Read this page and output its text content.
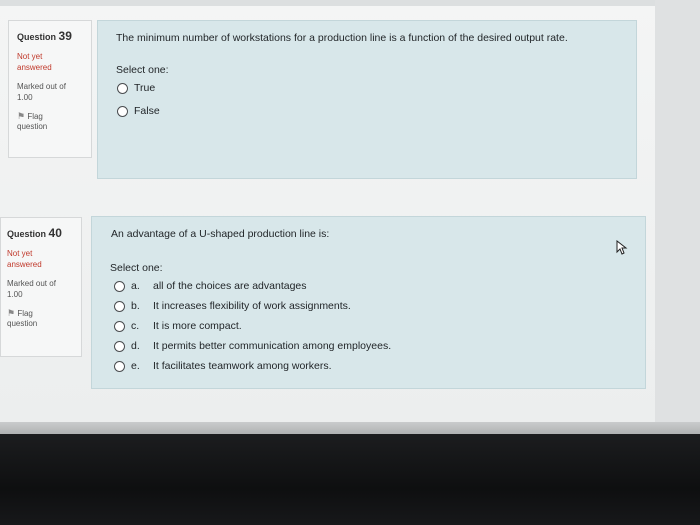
Question 39
Not yet answered
Marked out of
1.00
⚑ Flag
question
The minimum number of workstations for a production line is a function of the desired output rate.
Select one:
True
False
Question 40
Not yet answered
Marked out of
1.00
⚑ Flag
question
An advantage of a U-shaped production line is:
Select one:
a.	all of the choices are advantages
b.	It increases flexibility of work assignments.
c.	It is more compact.
d.	It permits better communication among employees.
e.	It facilitates teamwork among workers.
